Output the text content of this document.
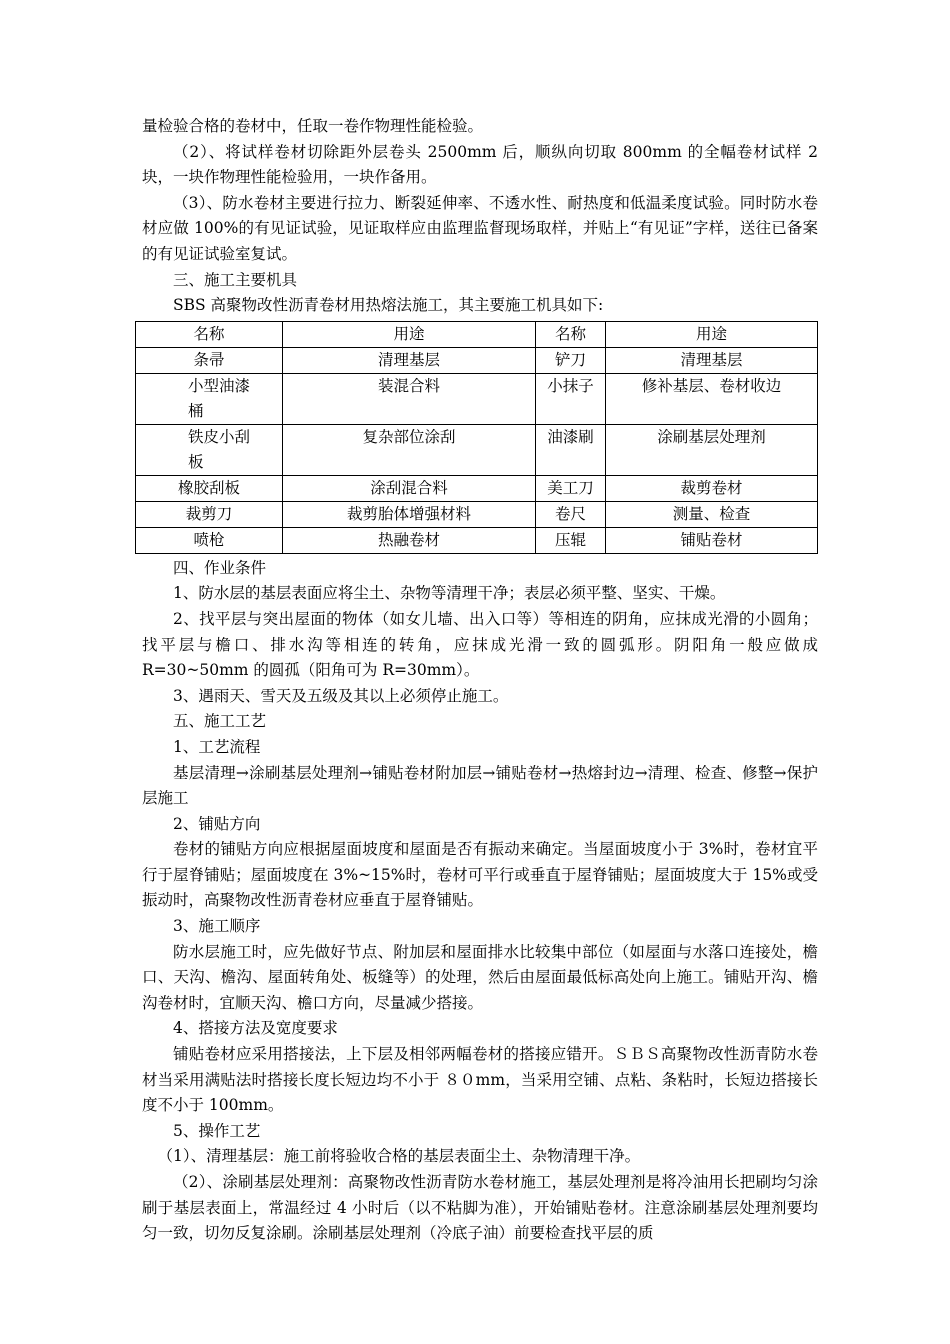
量检验合格的卷材中，任取一卷作物理性能检验。

（2）、将试样卷材切除距外层卷头 2500mm 后，顺纵向切取 800mm 的全幅卷材试样 2 块，一块作物理性能检验用，一块作备用。

（3）、防水卷材主要进行拉力、断裂延伸率、不透水性、耐热度和低温柔度试验。同时防水卷材应做 100%的有见证试验，见证取样应由监理监督现场取样，并贴上“有见证”字样，送往已备案的有见证试验室复试。

三、施工主要机具

SBS 高聚物改性沥青卷材用热熔法施工，其主要施工机具如下:

名称	用途	名称	用途
条帚	清理基层	铲刀	清理基层
小型油漆桶	装混合料	小抹子	修补基层、卷材收边
铁皮小刮板	复杂部位涂刮	油漆刷	涂刷基层处理剂
橡胶刮板	涂刮混合料	美工刀	裁剪卷材
裁剪刀	裁剪胎体增强材料	卷尺	测量、检查
喷枪	热融卷材	压辊	铺贴卷材

四、作业条件

1、防水层的基层表面应将尘土、杂物等清理干净；表层必须平整、坚实、干燥。

2、找平层与突出屋面的物体（如女儿墙、出入口等）等相连的阴角，应抹成光滑的小圆角；找平层与檐口、排水沟等相连的转角，应抹成光滑一致的圆弧形。阴阳角一般应做成 R=30~50mm 的圆孤（阳角可为 R=30mm）。

3、遇雨天、雪天及五级及其以上必须停止施工。

五、施工工艺

1、工艺流程

基层清理→涂刷基层处理剂→铺贴卷材附加层→铺贴卷材→热熔封边→清理、检查、修整→保护层施工

2、铺贴方向

卷材的铺贴方向应根据屋面坡度和屋面是否有振动来确定。当屋面坡度小于 3%时，卷材宜平行于屋脊铺贴；屋面坡度在 3%~15%时，卷材可平行或垂直于屋脊铺贴；屋面坡度大于 15%或受振动时，高聚物改性沥青卷材应垂直于屋脊铺贴。

3、施工顺序

防水层施工时，应先做好节点、附加层和屋面排水比较集中部位（如屋面与水落口连接处，檐口、天沟、檐沟、屋面转角处、板缝等）的处理，然后由屋面最低标高处向上施工。铺贴开沟、檐沟卷材时，宜顺天沟、檐口方向，尽量减少搭接。

4、搭接方法及宽度要求

铺贴卷材应采用搭接法，上下层及相邻两幅卷材的搭接应错开。ＳＢＳ高聚物改性沥青防水卷材当采用满贴法时搭接长度长短边均不小于 ８０mm，当采用空铺、点粘、条粘时，长短边搭接长度不小于 100mm。

5、操作工艺

（1）、清理基层：施工前将验收合格的基层表面尘土、杂物清理干净。

（2）、涂刷基层处理剂：高聚物改性沥青防水卷材施工，基层处理剂是将冷油用长把刷均匀涂刷于基层表面上，常温经过 4 小时后（以不粘脚为准），开始铺贴卷材。注意涂刷基层处理剂要均匀一致，切勿反复涂刷。涂刷基层处理剂（冷底子油）前要检查找平层的质
